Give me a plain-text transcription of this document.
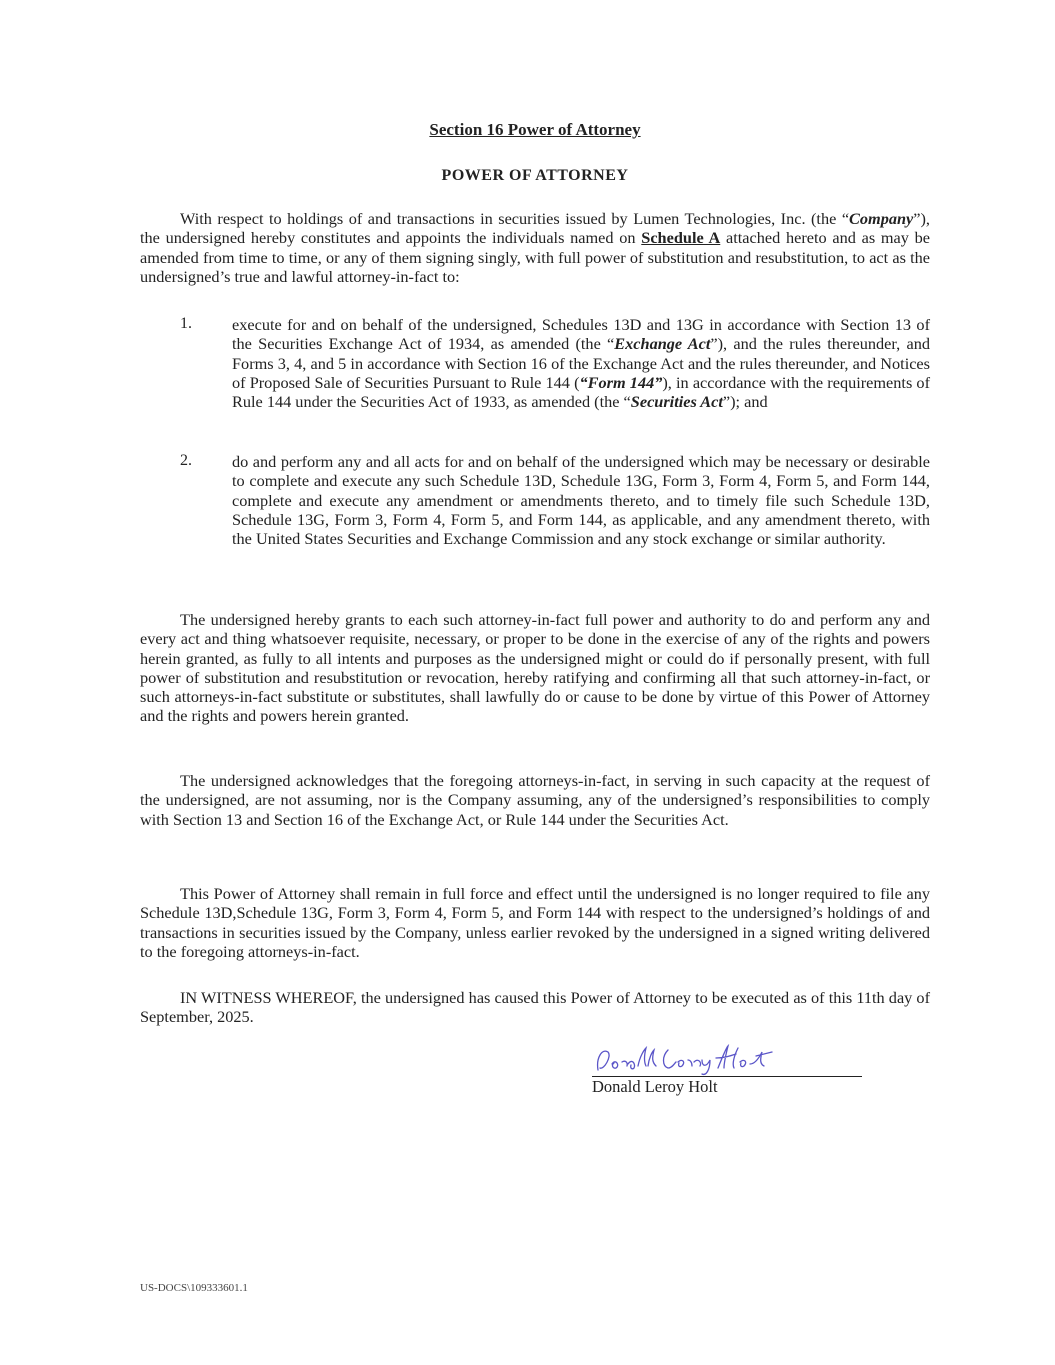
Section 16 Power of Attorney
POWER OF ATTORNEY

With respect to holdings of and transactions in securities issued by Lumen Technologies, Inc. (the “Company”), the undersigned hereby constitutes and appoints the individuals named on Schedule A attached hereto and as may be amended from time to time, or any of them signing singly, with full power of substitution and resubstitution, to act as the undersigned’s true and lawful attorney-in-fact to:

1. execute for and on behalf of the undersigned, Schedules 13D and 13G in accordance with Section 13 of the Securities Exchange Act of 1934, as amended (the “Exchange Act”), and the rules thereunder, and Forms 3, 4, and 5 in accordance with Section 16 of the Exchange Act and the rules thereunder, and Notices of Proposed Sale of Securities Pursuant to Rule 144 (“Form 144”), in accordance with the requirements of Rule 144 under the Securities Act of 1933, as amended (the “Securities Act”); and

2. do and perform any and all acts for and on behalf of the undersigned which may be necessary or desirable to complete and execute any such Schedule 13D, Schedule 13G, Form 3, Form 4, Form 5, and Form 144, complete and execute any amendment or amendments thereto, and to timely file such Schedule 13D, Schedule 13G, Form 3, Form 4, Form 5, and Form 144, as applicable, and any amendment thereto, with the United States Securities and Exchange Commission and any stock exchange or similar authority.

The undersigned hereby grants to each such attorney-in-fact full power and authority to do and perform any and every act and thing whatsoever requisite, necessary, or proper to be done in the exercise of any of the rights and powers herein granted, as fully to all intents and purposes as the undersigned might or could do if personally present, with full power of substitution and resubstitution or revocation, hereby ratifying and confirming all that such attorney-in-fact, or such attorneys-in-fact substitute or substitutes, shall lawfully do or cause to be done by virtue of this Power of Attorney and the rights and powers herein granted.

The undersigned acknowledges that the foregoing attorneys-in-fact, in serving in such capacity at the request of the undersigned, are not assuming, nor is the Company assuming, any of the undersigned’s responsibilities to comply with Section 13 and Section 16 of the Exchange Act, or Rule 144 under the Securities Act.

This Power of Attorney shall remain in full force and effect until the undersigned is no longer required to file any Schedule 13D,Schedule 13G, Form 3, Form 4, Form 5, and Form 144 with respect to the undersigned’s holdings of and transactions in securities issued by the Company, unless earlier revoked by the undersigned in a signed writing delivered to the foregoing attorneys-in-fact.

IN WITNESS WHEREOF, the undersigned has caused this Power of Attorney to be executed as of this 11th day of September, 2025.

Donald Leroy Holt
US-DOCS\109333601.1
